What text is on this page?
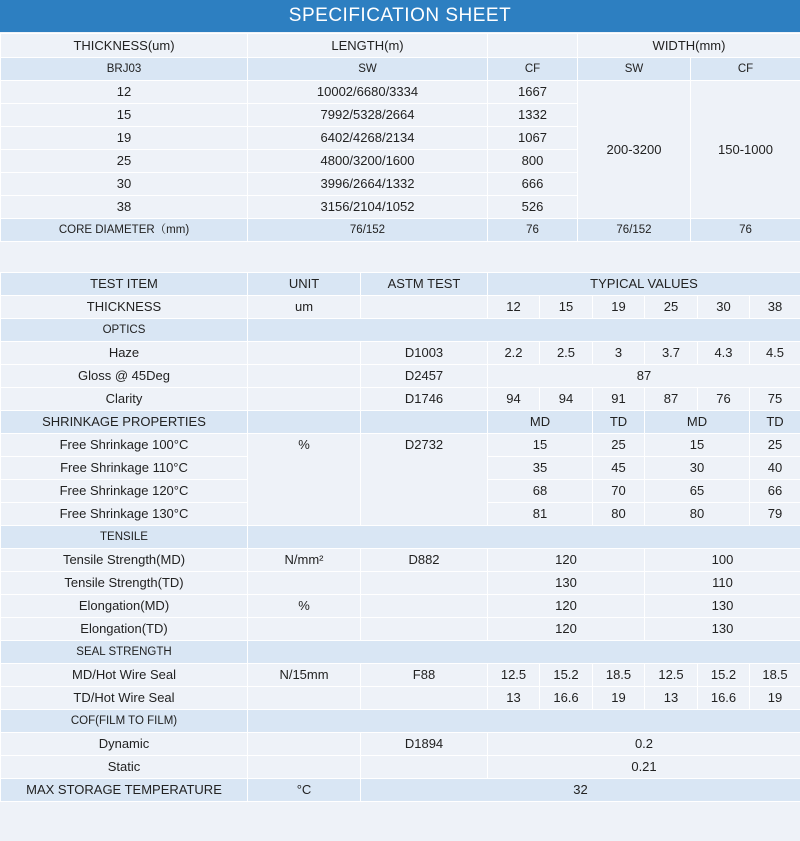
SPECIFICATION SHEET
THICKNESS(um)	LENGTH(m)		WIDTH(mm)	
BRJ03	SW	CF	SW	CF
12	10002/6680/3334	1667	200-3200	150-1000
15	7992/5328/2664	1332		
19	6402/4268/2134	1067		
25	4800/3200/1600	800		
30	3996/2664/1332	666		
38	3156/2104/1052	526		
CORE DIAMETER（mm)	76/152	76	76/152	76
TEST ITEM	UNIT	ASTM TEST	TYPICAL VALUES					
THICKNESS	um		12	15	19	25	30	38
OPTICS								
Haze		D1003	2.2	2.5	3	3.7	4.3	4.5
Gloss @ 45Deg		D2457	87					
Clarity		D1746	94	94	91	87	76	75
SHRINKAGE PROPERTIES			MD		TD	MD		TD
Free Shrinkage 100°C	%	D2732	15		25	15		25
Free Shrinkage 110°C			35		45	30		40
Free Shrinkage 120°C			68		70	65		66
Free Shrinkage 130°C			81		80	80		79
TENSILE								
Tensile Strength(MD)	N/mm²	D882	120			100		
Tensile Strength(TD)			130			110		
Elongation(MD)	%		120			130		
Elongation(TD)			120			130		
SEAL STRENGTH								
MD/Hot Wire Seal	N/15mm	F88	12.5	15.2	18.5	12.5	15.2	18.5
TD/Hot Wire Seal			13	16.6	19	13	16.6	19
COF(FILM TO FILM)								
Dynamic		D1894	0.2					
Static			0.21					
MAX STORAGE TEMPERATURE	°C	32						
